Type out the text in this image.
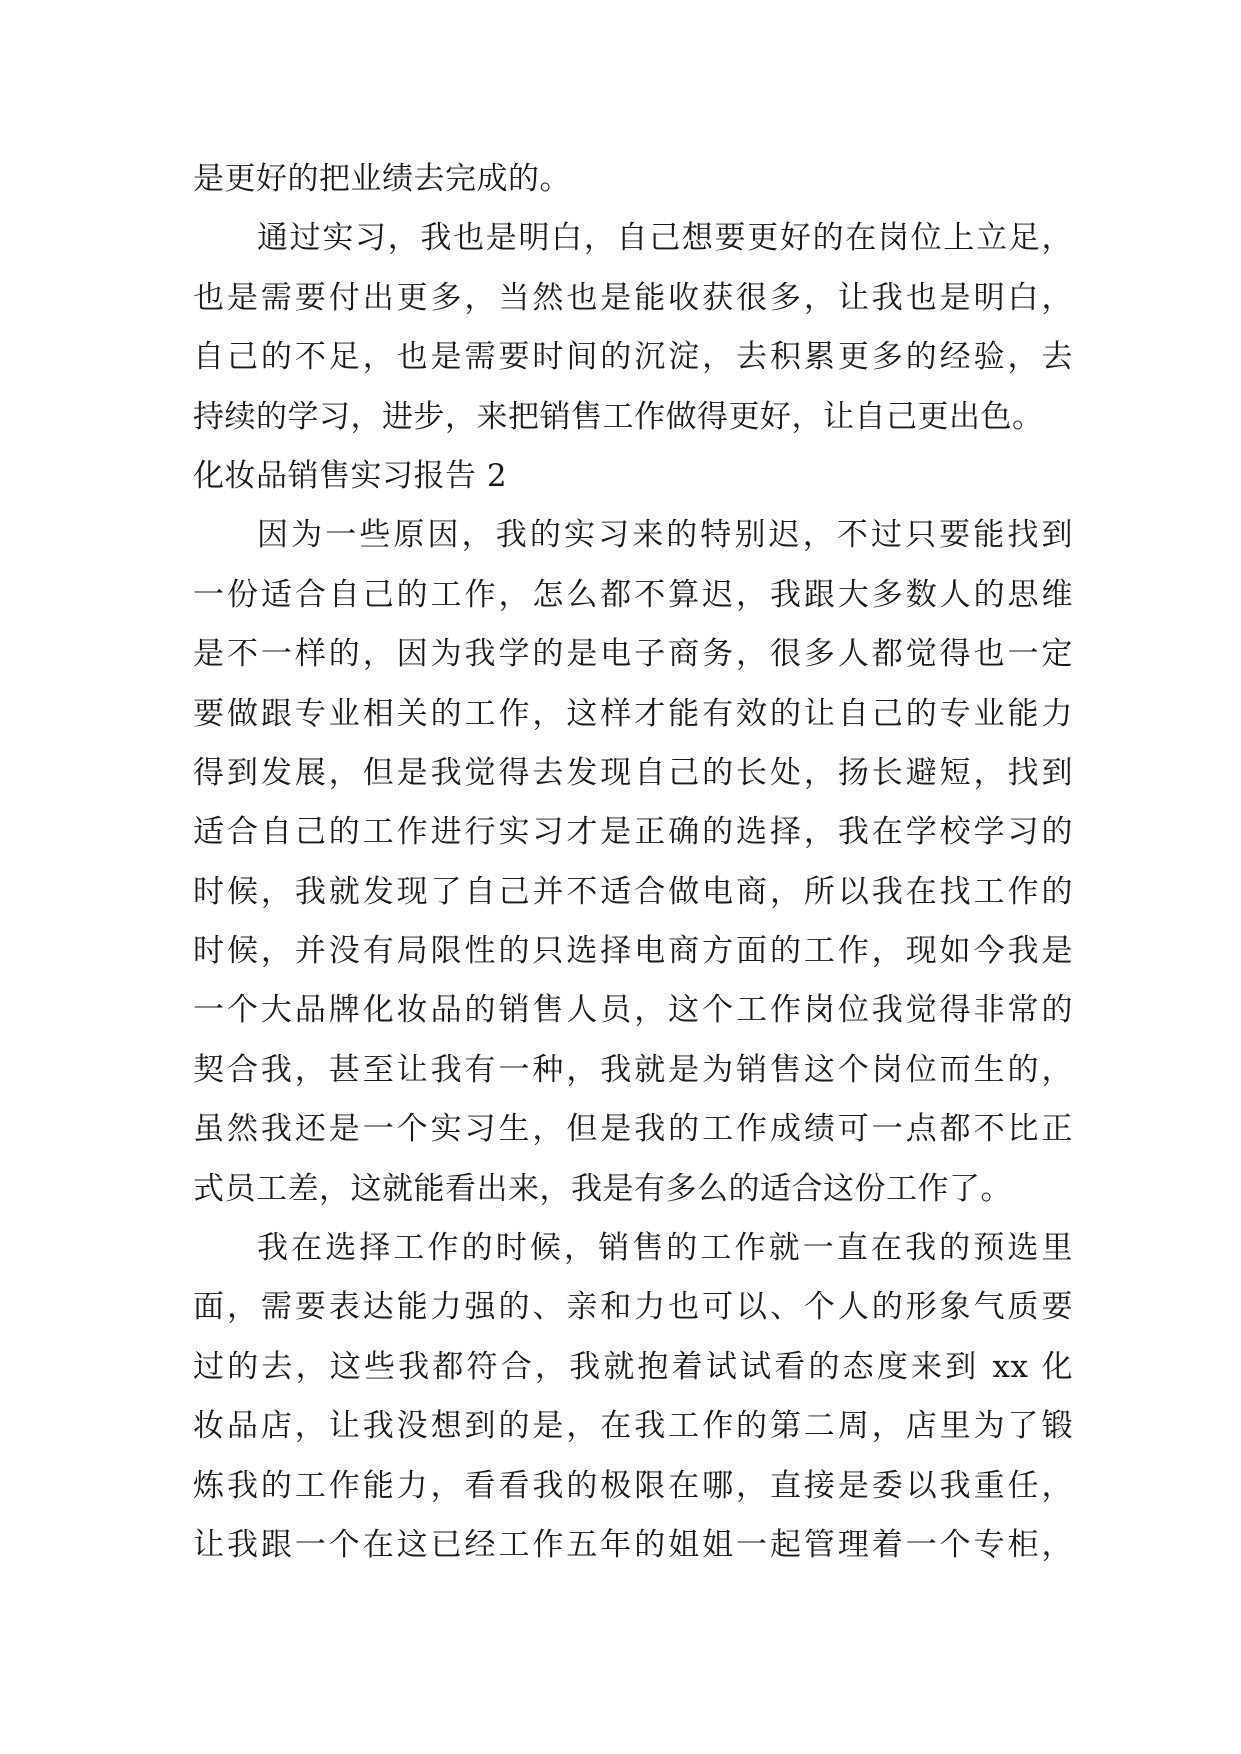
是更好的把业绩去完成的。
通过实习，我也是明白，自己想要更好的在岗位上立足，
也是需要付出更多，当然也是能收获很多，让我也是明白，
自己的不足，也是需要时间的沉淀，去积累更多的经验，去
持续的学习，进步，来把销售工作做得更好，让自己更出色。
化妆品销售实习报告 2
因为一些原因，我的实习来的特别迟，不过只要能找到
一份适合自己的工作，怎么都不算迟，我跟大多数人的思维
是不一样的，因为我学的是电子商务，很多人都觉得也一定
要做跟专业相关的工作，这样才能有效的让自己的专业能力
得到发展，但是我觉得去发现自己的长处，扬长避短，找到
适合自己的工作进行实习才是正确的选择，我在学校学习的
时候，我就发现了自己并不适合做电商，所以我在找工作的
时候，并没有局限性的只选择电商方面的工作，现如今我是
一个大品牌化妆品的销售人员，这个工作岗位我觉得非常的
契合我，甚至让我有一种，我就是为销售这个岗位而生的，
虽然我还是一个实习生，但是我的工作成绩可一点都不比正
式员工差，这就能看出来，我是有多么的适合这份工作了。
我在选择工作的时候，销售的工作就一直在我的预选里
面，需要表达能力强的、亲和力也可以、个人的形象气质要
过的去，这些我都符合，我就抱着试试看的态度来到 xx 化
妆品店，让我没想到的是，在我工作的第二周，店里为了锻
炼我的工作能力，看看我的极限在哪，直接是委以我重任，
让我跟一个在这已经工作五年的姐姐一起管理着一个专柜，
